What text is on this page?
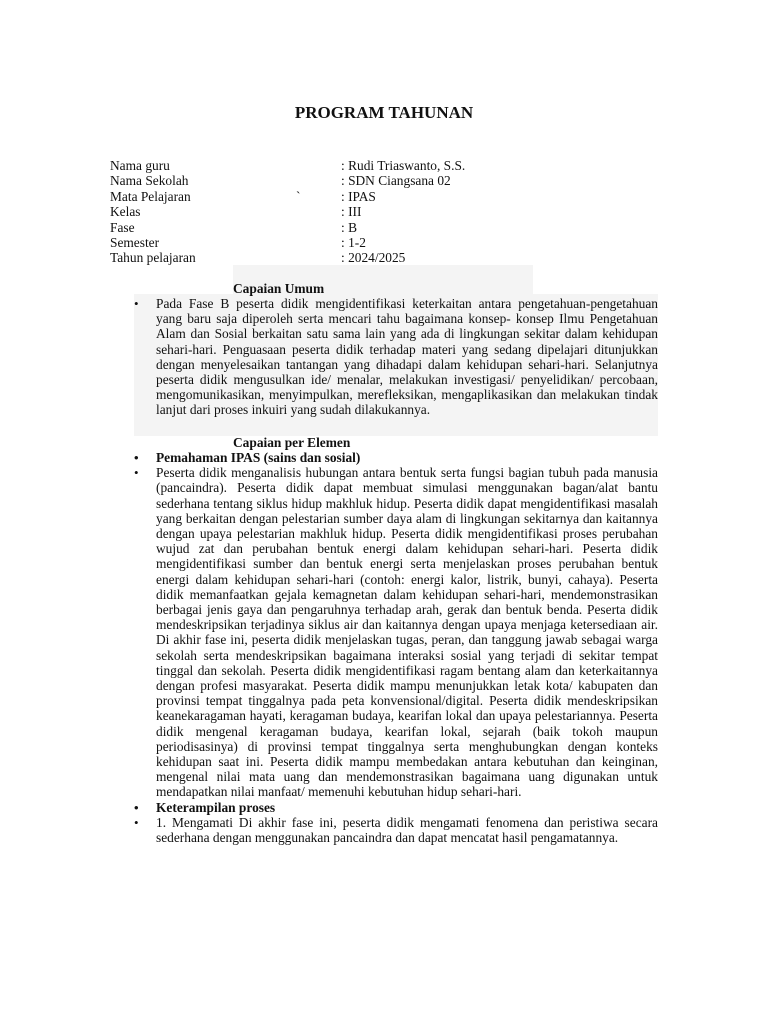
PROGRAM TAHUNAN
Nama guru	: Rudi Triaswanto, S.S.
Nama Sekolah	: SDN Ciangsana 02
Mata Pelajaran	`	: IPAS
Kelas	: III
Fase	: B
Semester	: 1-2
Tahun pelajaran	: 2024/2025
Capaian Umum
• Pada Fase B peserta didik mengidentifikasi keterkaitan antara pengetahuan-pengetahuan yang baru saja diperoleh serta mencari tahu bagaimana konsep- konsep Ilmu Pengetahuan Alam dan Sosial berkaitan satu sama lain yang ada di lingkungan sekitar dalam kehidupan sehari-hari. Penguasaan peserta didik terhadap materi yang sedang dipelajari ditunjukkan dengan menyelesaikan tantangan yang dihadapi dalam kehidupan sehari-hari. Selanjutnya peserta didik mengusulkan ide/ menalar, melakukan investigasi/ penyelidikan/ percobaan, mengomunikasikan, menyimpulkan, merefleksikan, mengaplikasikan dan melakukan tindak lanjut dari proses inkuiri yang sudah dilakukannya.
Capaian per Elemen
• Pemahaman IPAS (sains dan sosial)
• Peserta didik menganalisis hubungan antara bentuk serta fungsi bagian tubuh pada manusia (pancaindra). Peserta didik dapat membuat simulasi menggunakan bagan/alat bantu sederhana tentang siklus hidup makhluk hidup. Peserta didik dapat mengidentifikasi masalah yang berkaitan dengan pelestarian sumber daya alam di lingkungan sekitarnya dan kaitannya dengan upaya pelestarian makhluk hidup. Peserta didik mengidentifikasi proses perubahan wujud zat dan perubahan bentuk energi dalam kehidupan sehari-hari. Peserta didik mengidentifikasi sumber dan bentuk energi serta menjelaskan proses perubahan bentuk energi dalam kehidupan sehari-hari (contoh: energi kalor, listrik, bunyi, cahaya). Peserta didik memanfaatkan gejala kemagnetan dalam kehidupan sehari-hari, mendemonstrasikan berbagai jenis gaya dan pengaruhnya terhadap arah, gerak dan bentuk benda. Peserta didik mendeskripsikan terjadinya siklus air dan kaitannya dengan upaya menjaga ketersediaan air. Di akhir fase ini, peserta didik menjelaskan tugas, peran, dan tanggung jawab sebagai warga sekolah serta mendeskripsikan bagaimana interaksi sosial yang terjadi di sekitar tempat tinggal dan sekolah. Peserta didik mengidentifikasi ragam bentang alam dan keterkaitannya dengan profesi masyarakat. Peserta didik mampu menunjukkan letak kota/ kabupaten dan provinsi tempat tinggalnya pada peta konvensional/digital. Peserta didik mendeskripsikan keanekaragaman hayati, keragaman budaya, kearifan lokal dan upaya pelestariannya. Peserta didik mengenal keragaman budaya, kearifan lokal, sejarah (baik tokoh maupun periodisasinya) di provinsi tempat tinggalnya serta menghubungkan dengan konteks kehidupan saat ini. Peserta didik mampu membedakan antara kebutuhan dan keinginan, mengenal nilai mata uang dan mendemonstrasikan bagaimana uang digunakan untuk mendapatkan nilai manfaat/ memenuhi kebutuhan hidup sehari-hari.
• Keterampilan proses
• 1. Mengamati Di akhir fase ini, peserta didik mengamati fenomena dan peristiwa secara sederhana dengan menggunakan pancaindra dan dapat mencatat hasil pengamatannya.
